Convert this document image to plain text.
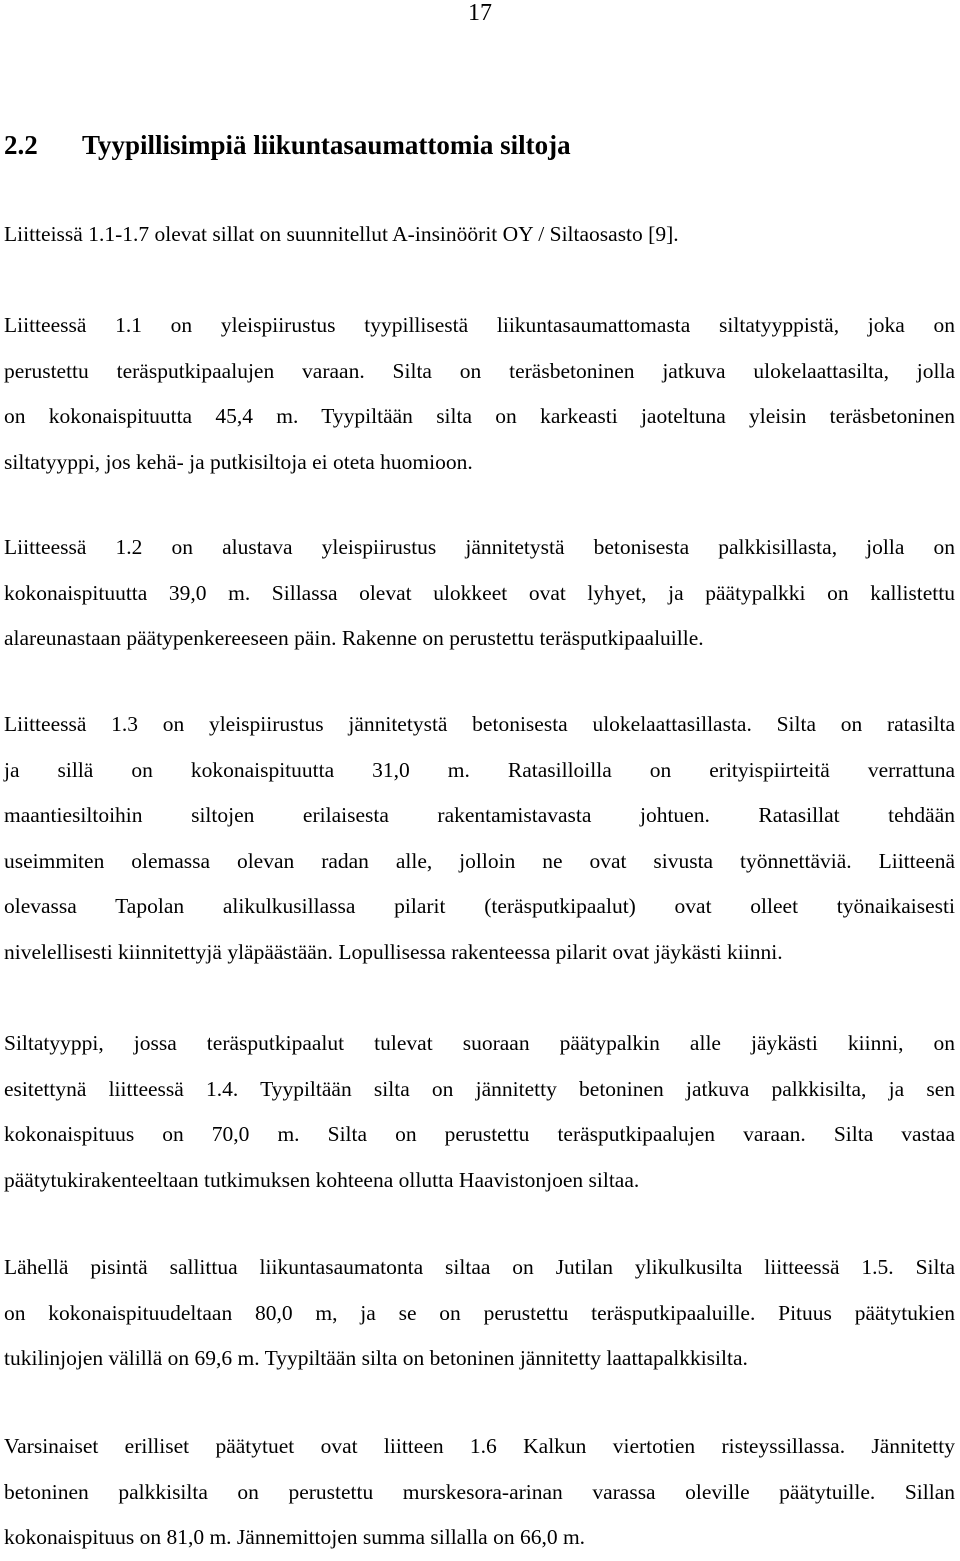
17
2.2 Tyypillisimpiä liikuntasaumattomia siltoja
Liitteissä 1.1-1.7 olevat sillat on suunnitellut A-insinöörit OY / Siltaosasto [9].
Liitteessä 1.1 on yleispiirustus tyypillisestä liikuntasaumattomasta siltatyyppistä, joka on
perustettu teräsputkipaalujen varaan. Silta on teräsbetoninen jatkuva ulokelaattasilta, jolla
on kokonaispituutta 45,4 m. Tyypiltään silta on karkeasti jaoteltuna yleisin teräsbetoninen
siltatyyppi, jos kehä- ja putkisiltoja ei oteta huomioon.
Liitteessä 1.2 on alustava yleispiirustus jännitetystä betonisesta palkkisillasta, jolla on
kokonaispituutta 39,0 m. Sillassa olevat ulokkeet ovat lyhyet, ja päätypalkki on kallistettu
alareunastaan päätypenkereeseen päin. Rakenne on perustettu teräsputkipaaluille.
Liitteessä 1.3 on yleispiirustus jännitetystä betonisesta ulokelaattasillasta. Silta on ratasilta
ja sillä on kokonaispituutta 31,0 m. Ratasilloilla on erityispiirteitä verrattuna
maantiesiltoihin siltojen erilaisesta rakentamistavasta johtuen. Ratasillat tehdään
useimmiten olemassa olevan radan alle, jolloin ne ovat sivusta työnnettäviä. Liitteenä
olevassa Tapolan alikulkusillassa pilarit (teräsputkipaalut) ovat olleet työnaikaisesti
nivelellisesti kiinnitettyjä yläpäästään. Lopullisessa rakenteessa pilarit ovat jäykästi kiinni.
Siltatyyppi, jossa teräsputkipaalut tulevat suoraan päätypalkin alle jäykästi kiinni, on
esitettynä liitteessä 1.4. Tyypiltään silta on jännitetty betoninen jatkuva palkkisilta, ja sen
kokonaispituus on 70,0 m. Silta on perustettu teräsputkipaalujen varaan. Silta vastaa
päätytukirakenteeltaan tutkimuksen kohteena ollutta Haavistonjoen siltaa.
Lähellä pisintä sallittua liikuntasaumatonta siltaa on Jutilan ylikulkusilta liitteessä 1.5. Silta
on kokonaispituudeltaan 80,0 m, ja se on perustettu teräsputkipaaluille. Pituus päätytukien
tukilinjojen välillä on 69,6 m. Tyypiltään silta on betoninen jännitetty laattapalkkisilta.
Varsinaiset erilliset päätytuet ovat liitteen 1.6 Kalkun viertotien risteyssillassa. Jännitetty
betoninen palkkisilta on perustettu murskesora-arinan varassa oleville päätytuille. Sillan
kokonaispituus on 81,0 m. Jännemittojen summa sillalla on 66,0 m.
